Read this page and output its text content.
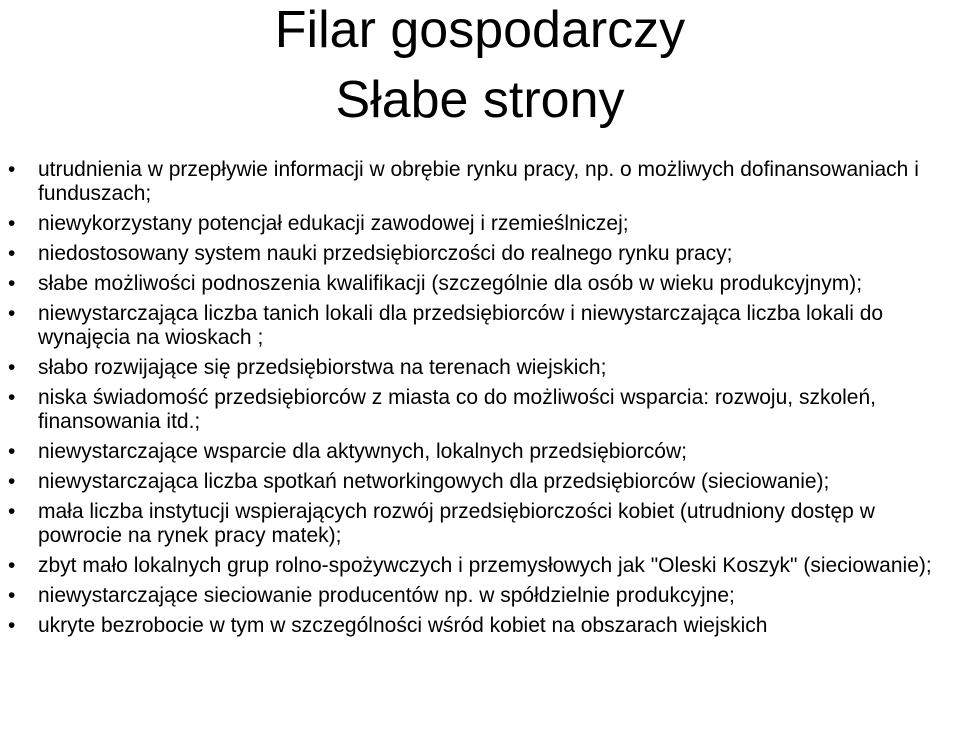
Filar gospodarczy
Słabe strony
•	utrudnienia w przepływie informacji w obrębie rynku pracy, np. o możliwych dofinansowaniach i funduszach;
•	niewykorzystany potencjał edukacji zawodowej i rzemieślniczej;
•	niedostosowany system nauki przedsiębiorczości do realnego rynku pracy;
•	słabe możliwości podnoszenia kwalifikacji (szczególnie dla osób w wieku produkcyjnym);
•	niewystarczająca liczba tanich lokali dla przedsiębiorców i niewystarczająca liczba lokali do wynajęcia na wioskach ;
•	słabo rozwijające się przedsiębiorstwa na terenach wiejskich;
•	niska świadomość przedsiębiorców z miasta co do możliwości wsparcia: rozwoju, szkoleń, finansowania itd.;
•	niewystarczające wsparcie dla aktywnych, lokalnych przedsiębiorców;
•	niewystarczająca liczba spotkań networkingowych dla przedsiębiorców (sieciowanie);
•	mała liczba instytucji wspierających rozwój przedsiębiorczości kobiet (utrudniony dostęp w powrocie na rynek pracy matek);
•	zbyt mało lokalnych grup rolno-spożywczych i przemysłowych jak "Oleski Koszyk" (sieciowanie);
•	niewystarczające sieciowanie producentów np. w spółdzielnie produkcyjne;
•	ukryte bezrobocie w tym w szczególności wśród kobiet na obszarach wiejskich
